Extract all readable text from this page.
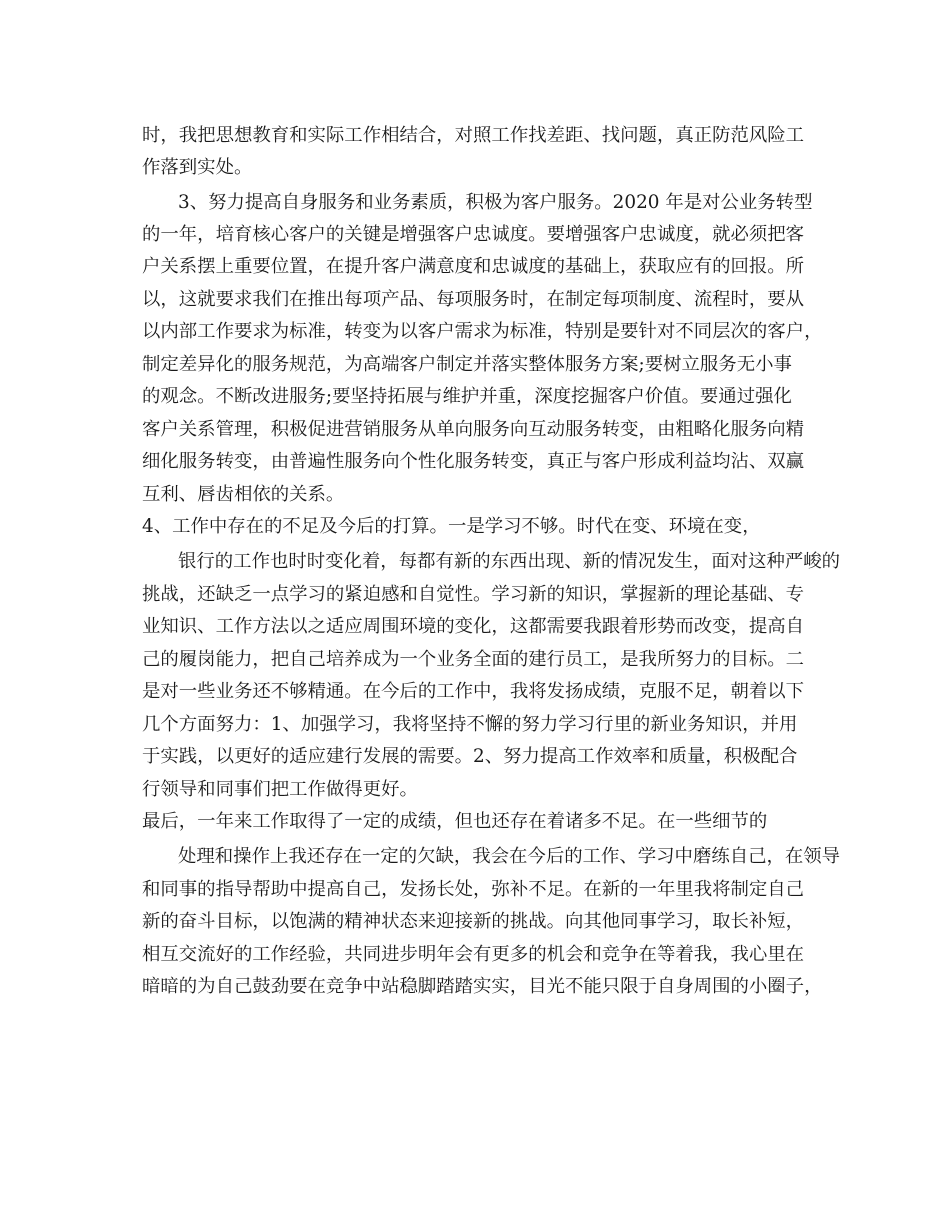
时，我把思想教育和实际工作相结合，对照工作找差距、找问题，真正防范风险工
作落到实处。
3、努力提高自身服务和业务素质，积极为客户服务。2020 年是对公业务转型
的一年，培育核心客户的关键是增强客户忠诚度。要增强客户忠诚度，就必须把客
户关系摆上重要位置，在提升客户满意度和忠诚度的基础上，获取应有的回报。所
以，这就要求我们在推出每项产品、每项服务时，在制定每项制度、流程时，要从
以内部工作要求为标准，转变为以客户需求为标准，特别是要针对不同层次的客户，
制定差异化的服务规范，为高端客户制定并落实整体服务方案;要树立服务无小事
的观念。不断改进服务;要坚持拓展与维护并重，深度挖掘客户价值。要通过强化
客户关系管理，积极促进营销服务从单向服务向互动服务转变，由粗略化服务向精
细化服务转变，由普遍性服务向个性化服务转变，真正与客户形成利益均沾、双赢
互利、唇齿相依的关系。
4、工作中存在的不足及今后的打算。一是学习不够。时代在变、环境在变，
银行的工作也时时变化着，每都有新的东西出现、新的情况发生，面对这种严峻的
挑战，还缺乏一点学习的紧迫感和自觉性。学习新的知识，掌握新的理论基础、专
业知识、工作方法以之适应周围环境的变化，这都需要我跟着形势而改变，提高自
己的履岗能力，把自己培养成为一个业务全面的建行员工，是我所努力的目标。二
是对一些业务还不够精通。在今后的工作中，我将发扬成绩，克服不足，朝着以下
几个方面努力：1、加强学习，我将坚持不懈的努力学习行里的新业务知识，并用
于实践，以更好的适应建行发展的需要。2、努力提高工作效率和质量，积极配合
行领导和同事们把工作做得更好。
最后，一年来工作取得了一定的成绩，但也还存在着诸多不足。在一些细节的
处理和操作上我还存在一定的欠缺，我会在今后的工作、学习中磨练自己，在领导
和同事的指导帮助中提高自己，发扬长处，弥补不足。在新的一年里我将制定自己
新的奋斗目标，以饱满的精神状态来迎接新的挑战。向其他同事学习，取长补短，
相互交流好的工作经验，共同进步明年会有更多的机会和竞争在等着我，我心里在
暗暗的为自己鼓劲要在竞争中站稳脚踏踏实实，目光不能只限于自身周围的小圈子，
